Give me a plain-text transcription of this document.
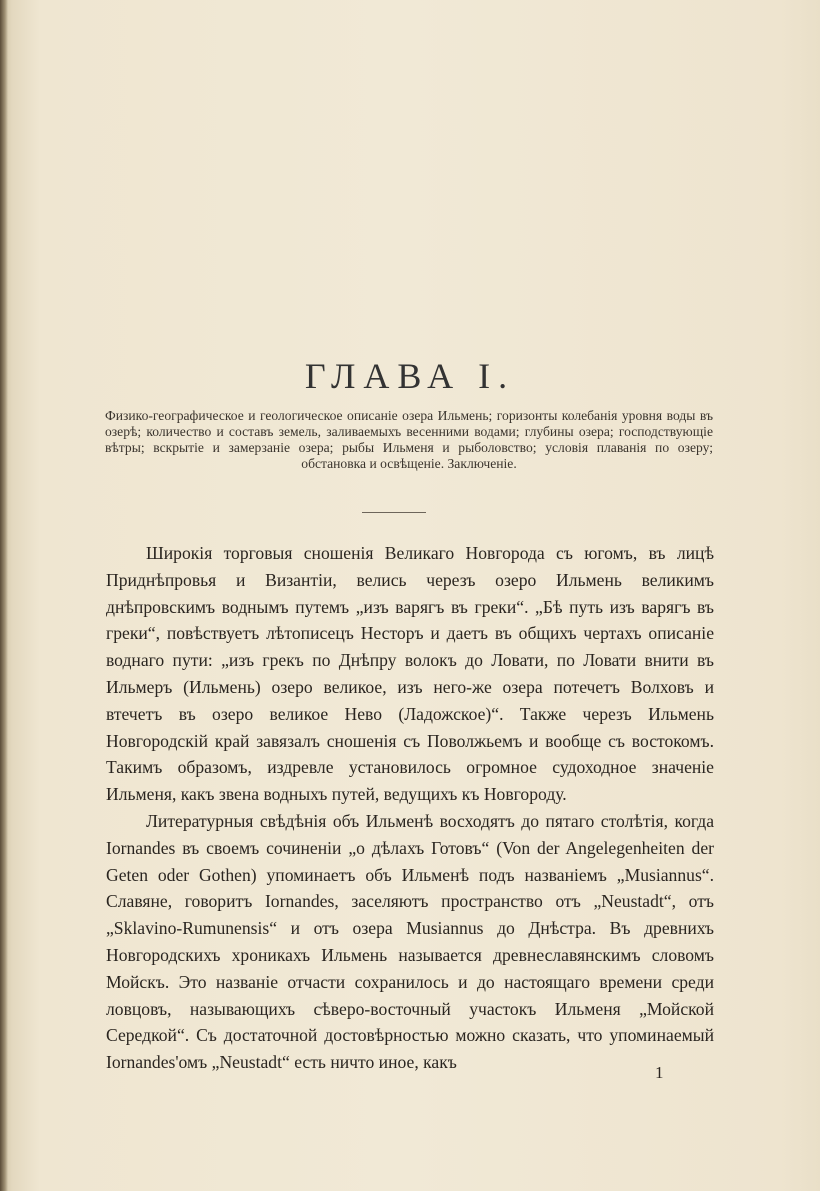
ГЛАВА I.
Физико-географическое и геологическое описаніе озера Ильмень; горизонты колебанія уровня воды въ озерѣ; количество и составъ земель, заливаемыхъ весенними водами; глубины озера; господствующіе вѣтры; вскрытіе и замерзаніе озера; рыбы Ильменя и рыболовство; условія плаванія по озеру; обстановка и освѣщеніе. Заключеніе.

Широкія торговыя сношенія Великаго Новгорода съ югомъ, въ лицѣ Приднѣпровья и Византіи, велись черезъ озеро Ильмень великимъ днѣпровскимъ воднымъ путемъ „изъ варягъ въ греки“. „Бѣ путь изъ варягъ въ греки“, повѣствуетъ лѣтописецъ Несторъ и даетъ въ общихъ чертахъ описаніе воднаго пути: „изъ грекъ по Днѣпру волокъ до Ловати, по Ловати внити въ Ильмеръ (Ильмень) озеро великое, изъ него-же озера потечетъ Волховъ и втечетъ въ озеро великое Нево (Ладожское)“. Также черезъ Ильмень Новгородскій край завязалъ сношенія съ Поволжьемъ и вообще съ востокомъ. Такимъ образомъ, издревле установилось огромное судоходное значеніе Ильменя, какъ звена водныхъ путей, ведущихъ къ Новгороду.

Литературныя свѣдѣнія объ Ильменѣ восходятъ до пятаго столѣтія, когда Iornandes въ своемъ сочиненіи „о дѣлахъ Готовъ“ (Von der Angelegenheiten der Geten oder Gothen) упоминаетъ объ Ильменѣ подъ названіемъ „Musiannus“. Славяне, говоритъ Iornandes, заселяютъ пространство отъ „Neustadt“, отъ „Sklavino-Rumunensis“ и отъ озера Musiannus до Днѣстра. Въ древнихъ Новгородскихъ хроникахъ Ильмень называется древнеславянскимъ словомъ Мойскъ. Это названіе отчасти сохранилось и до настоящаго времени среди ловцовъ, называющихъ сѣверо-восточный участокъ Ильменя „Мойской Середкой“. Съ достаточной достовѣрностью можно сказать, что упоминаемый Iornandes'омъ „Neustadt“ есть ничто иное, какъ

1
